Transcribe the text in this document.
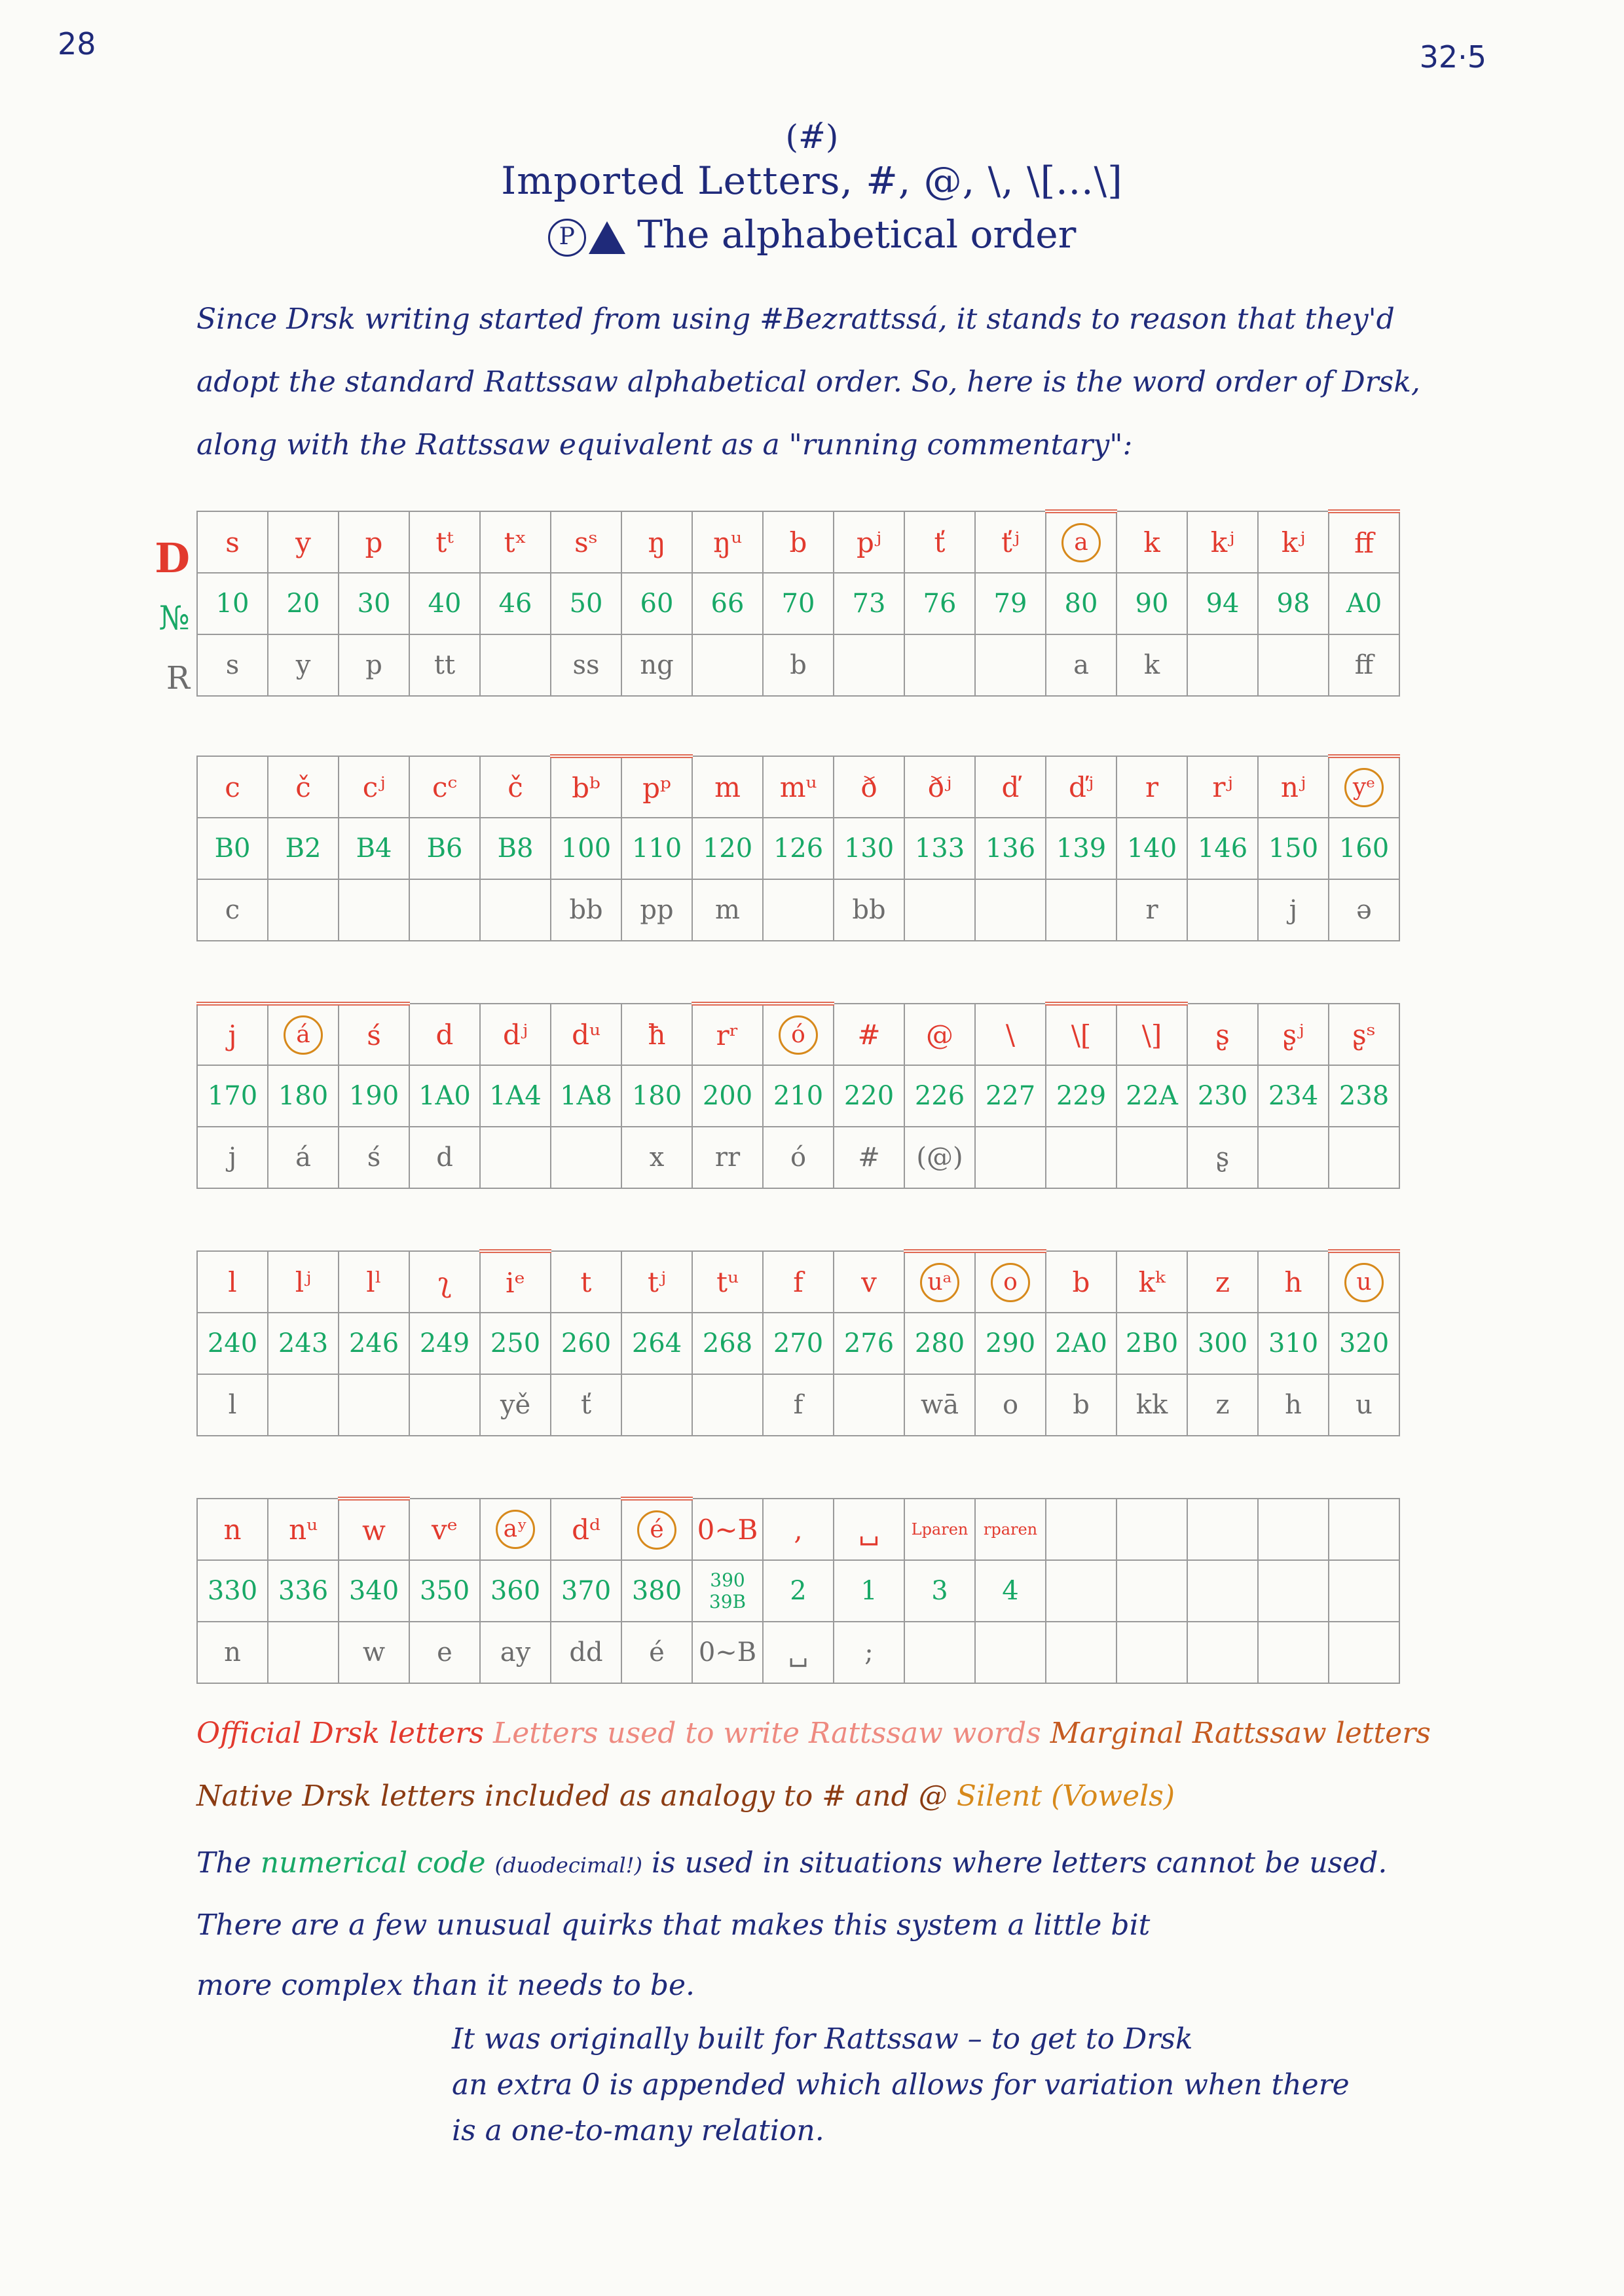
28	32·5
(#́)
Imported Letters, #, @, \, \[...\]
P The alphabetical order
Since Drsk writing started from using #Bezrattssá, it stands to reason that they'd adopt the standard Rattssaw alphabetical order. So, here is the word order of Drsk, along with the Rattssaw equivalent as a "running commentary":
D
№
R
s	y	p	tᵗ	tˣ	sˢ	ŋ	ŋᵘ	b	pʲ	ť	ťʲ	a	k	kʲ	kʲ	ff
10	20	30	40	46	50	60	66	70	73	76	79	80	90	94	98	A0
s	y	p	tt		ss	ng		b				a	k			ff
c	č	cʲ	cᶜ	č	bᵇ	pᵖ	m	mᵘ	ð	ðʲ	ď	ďʲ	r	rʲ	nʲ	yᵉ
B0	B2	B4	B6	B8	100	110	120	126	130	133	136	139	140	146	150	160
c					bb	pp	m		bb				r		j	ə
j	á	ś	d	dʲ	dᵘ	ħ	rʳ	ó	#	@	\	\[	\]	ʂ	ʂʲ	ʂˢ
170	180	190	1A0	1A4	1A8	180	200	210	220	226	227	229	22A	230	234	238
j	á	ś	d			x	rr	ó	#	(@)				ʂ		
l	lʲ	lˡ	ʅ	iᵉ	t	tʲ	tᵘ	f	v	uᵃ	o	b	kᵏ	z	h	u
240	243	246	249	250	260	264	268	270	276	280	290	2A0	2B0	300	310	320
l				yě	ť			f		wā	o	b	kk	z	h	u
n	nᵘ	w	vᵉ	aʸ	dᵈ	é	0~B	,	␣	Lparen	rparen					
330	336	340	350	360	370	380	390 39B	2	1	3	4					
n		w	e	ay	dd	é	0~B	␣	;							
Official Drsk letters Letters used to write Rattssaw words Marginal Rattssaw letters Native Drsk letters included as analogy to # and @ Silent (Vowels)
The numerical code (duodecimal!) is used in situations where letters cannot be used.
There are a few unusual quirks that makes this system a little bit
more complex than it needs to be.
It was originally built for Rattssaw – to get to Drsk
an extra 0 is appended which allows for variation when there
is a one-to-many relation.
